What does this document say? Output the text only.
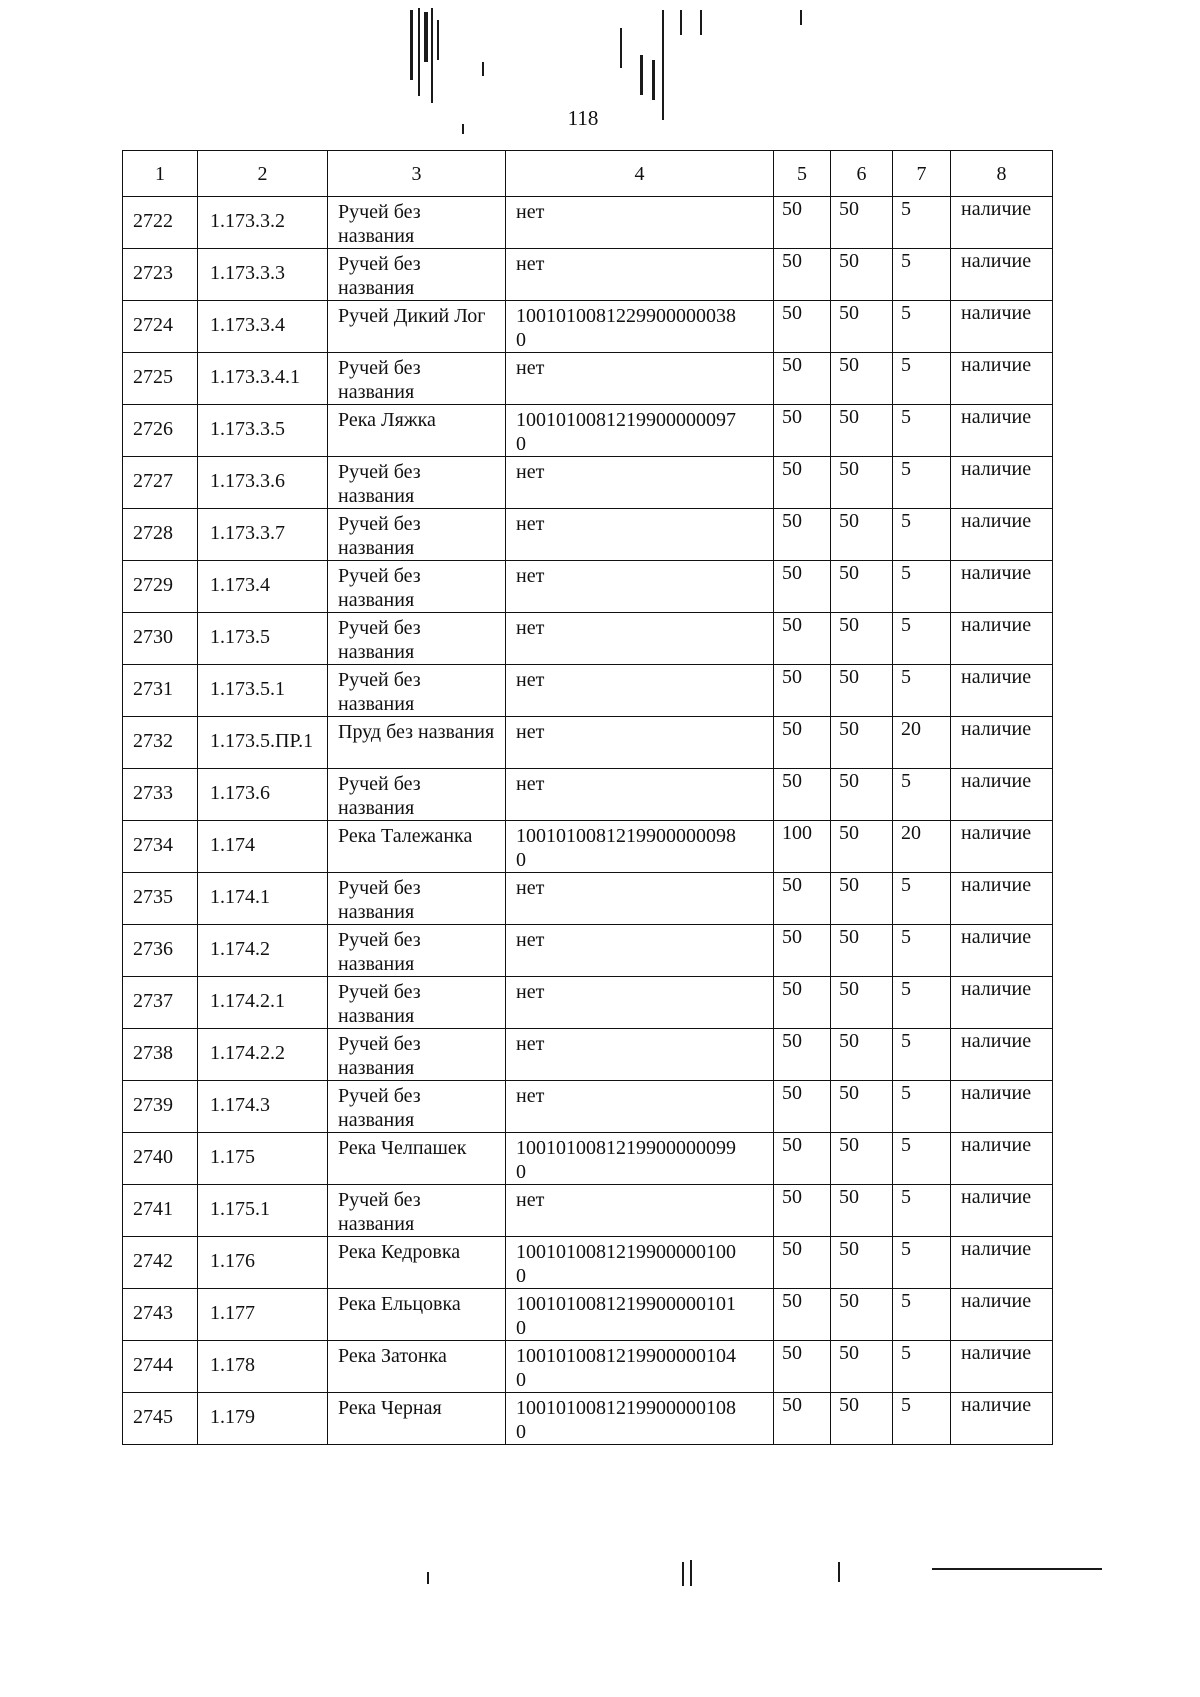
118
1	2	3	4	5	6	7	8
2722	1.173.3.2	Ручей без названия	нет	50	50	5	наличие
2723	1.173.3.3	Ручей без названия	нет	50	50	5	наличие
2724	1.173.3.4	Ручей Дикий Лог	10010100812299000000380	50	50	5	наличие
2725	1.173.3.4.1	Ручей без названия	нет	50	50	5	наличие
2726	1.173.3.5	Река Ляжка	10010100812199000000970	50	50	5	наличие
2727	1.173.3.6	Ручей без названия	нет	50	50	5	наличие
2728	1.173.3.7	Ручей без названия	нет	50	50	5	наличие
2729	1.173.4	Ручей без названия	нет	50	50	5	наличие
2730	1.173.5	Ручей без названия	нет	50	50	5	наличие
2731	1.173.5.1	Ручей без названия	нет	50	50	5	наличие
2732	1.173.5.ПР.1	Пруд без названия	нет	50	50	20	наличие
2733	1.173.6	Ручей без названия	нет	50	50	5	наличие
2734	1.174	Река Талежанка	10010100812199000000980	100	50	20	наличие
2735	1.174.1	Ручей без названия	нет	50	50	5	наличие
2736	1.174.2	Ручей без названия	нет	50	50	5	наличие
2737	1.174.2.1	Ручей без названия	нет	50	50	5	наличие
2738	1.174.2.2	Ручей без названия	нет	50	50	5	наличие
2739	1.174.3	Ручей без названия	нет	50	50	5	наличие
2740	1.175	Река Челпашек	10010100812199000000990	50	50	5	наличие
2741	1.175.1	Ручей без названия	нет	50	50	5	наличие
2742	1.176	Река Кедровка	10010100812199000001000	50	50	5	наличие
2743	1.177	Река Ельцовка	10010100812199000001010	50	50	5	наличие
2744	1.178	Река Затонка	10010100812199000001040	50	50	5	наличие
2745	1.179	Река Черная	10010100812199000001080	50	50	5	наличие
